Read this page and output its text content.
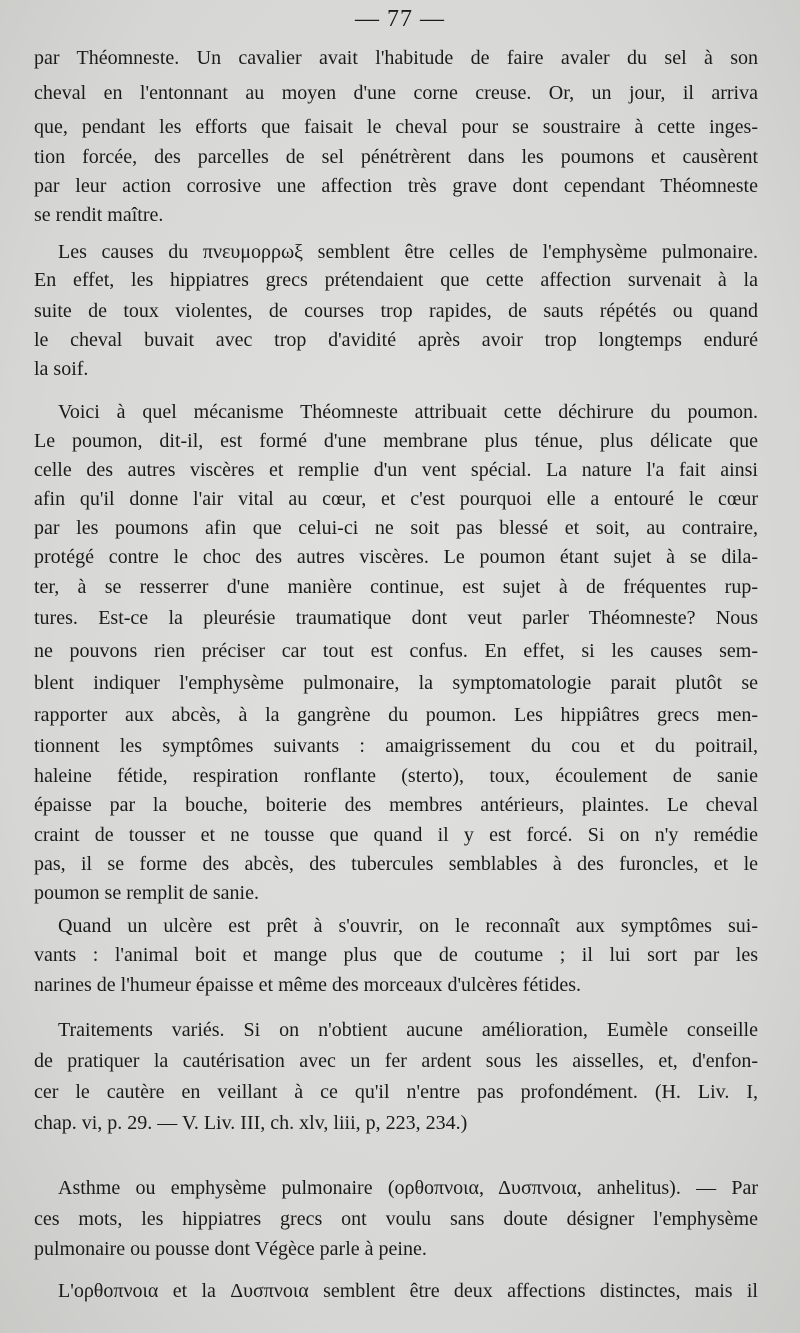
— 77 —
par Théomneste. Un cavalier avait l'habitude de faire avaler du sel à son
cheval en l'entonnant au moyen d'une corne creuse. Or, un jour, il arriva
que, pendant les efforts que faisait le cheval pour se soustraire à cette inges-
tion forcée, des parcelles de sel pénétrèrent dans les poumons et causèrent
par leur action corrosive une affection très grave dont cependant Théomneste
se rendit maître.
Les causes du πνευμορρωξ semblent être celles de l'emphysème pulmonaire.
En effet, les hippiatres grecs prétendaient que cette affection survenait à la
suite de toux violentes, de courses trop rapides, de sauts répétés ou quand
le cheval buvait avec trop d'avidité après avoir trop longtemps enduré
la soif.
Voici à quel mécanisme Théomneste attribuait cette déchirure du poumon.
Le poumon, dit-il, est formé d'une membrane plus ténue, plus délicate que
celle des autres viscères et remplie d'un vent spécial. La nature l'a fait ainsi
afin qu'il donne l'air vital au cœur, et c'est pourquoi elle a entouré le cœur
par les poumons afin que celui-ci ne soit pas blessé et soit, au contraire,
protégé contre le choc des autres viscères. Le poumon étant sujet à se dila-
ter, à se resserrer d'une manière continue, est sujet à de fréquentes rup-
tures. Est-ce la pleurésie traumatique dont veut parler Théomneste? Nous
ne pouvons rien préciser car tout est confus. En effet, si les causes sem-
blent indiquer l'emphysème pulmonaire, la symptomatologie parait plutôt se
rapporter aux abcès, à la gangrène du poumon. Les hippiâtres grecs men-
tionnent les symptômes suivants : amaigrissement du cou et du poitrail,
haleine fétide, respiration ronflante (sterto), toux, écoulement de sanie
épaisse par la bouche, boiterie des membres antérieurs, plaintes. Le cheval
craint de tousser et ne tousse que quand il y est forcé. Si on n'y remédie
pas, il se forme des abcès, des tubercules semblables à des furoncles, et le
poumon se remplit de sanie.
Quand un ulcère est prêt à s'ouvrir, on le reconnaît aux symptômes sui-
vants : l'animal boit et mange plus que de coutume ; il lui sort par les
narines de l'humeur épaisse et même des morceaux d'ulcères fétides.
Traitements variés. Si on n'obtient aucune amélioration, Eumèle conseille
de pratiquer la cautérisation avec un fer ardent sous les aisselles, et, d'enfon-
cer le cautère en veillant à ce qu'il n'entre pas profondément. (H. Liv. I,
chap. vi, p. 29. — V. Liv. III, ch. xlv, liii, p, 223, 234.)
Asthme ou emphysème pulmonaire (ορθοπνοια, Δυσπνοια, anhelitus). — Par
ces mots, les hippiatres grecs ont voulu sans doute désigner l'emphysème
pulmonaire ou pousse dont Végèce parle à peine.
L'ορθοπνοια et la Δυσπνοια semblent être deux affections distinctes, mais il
